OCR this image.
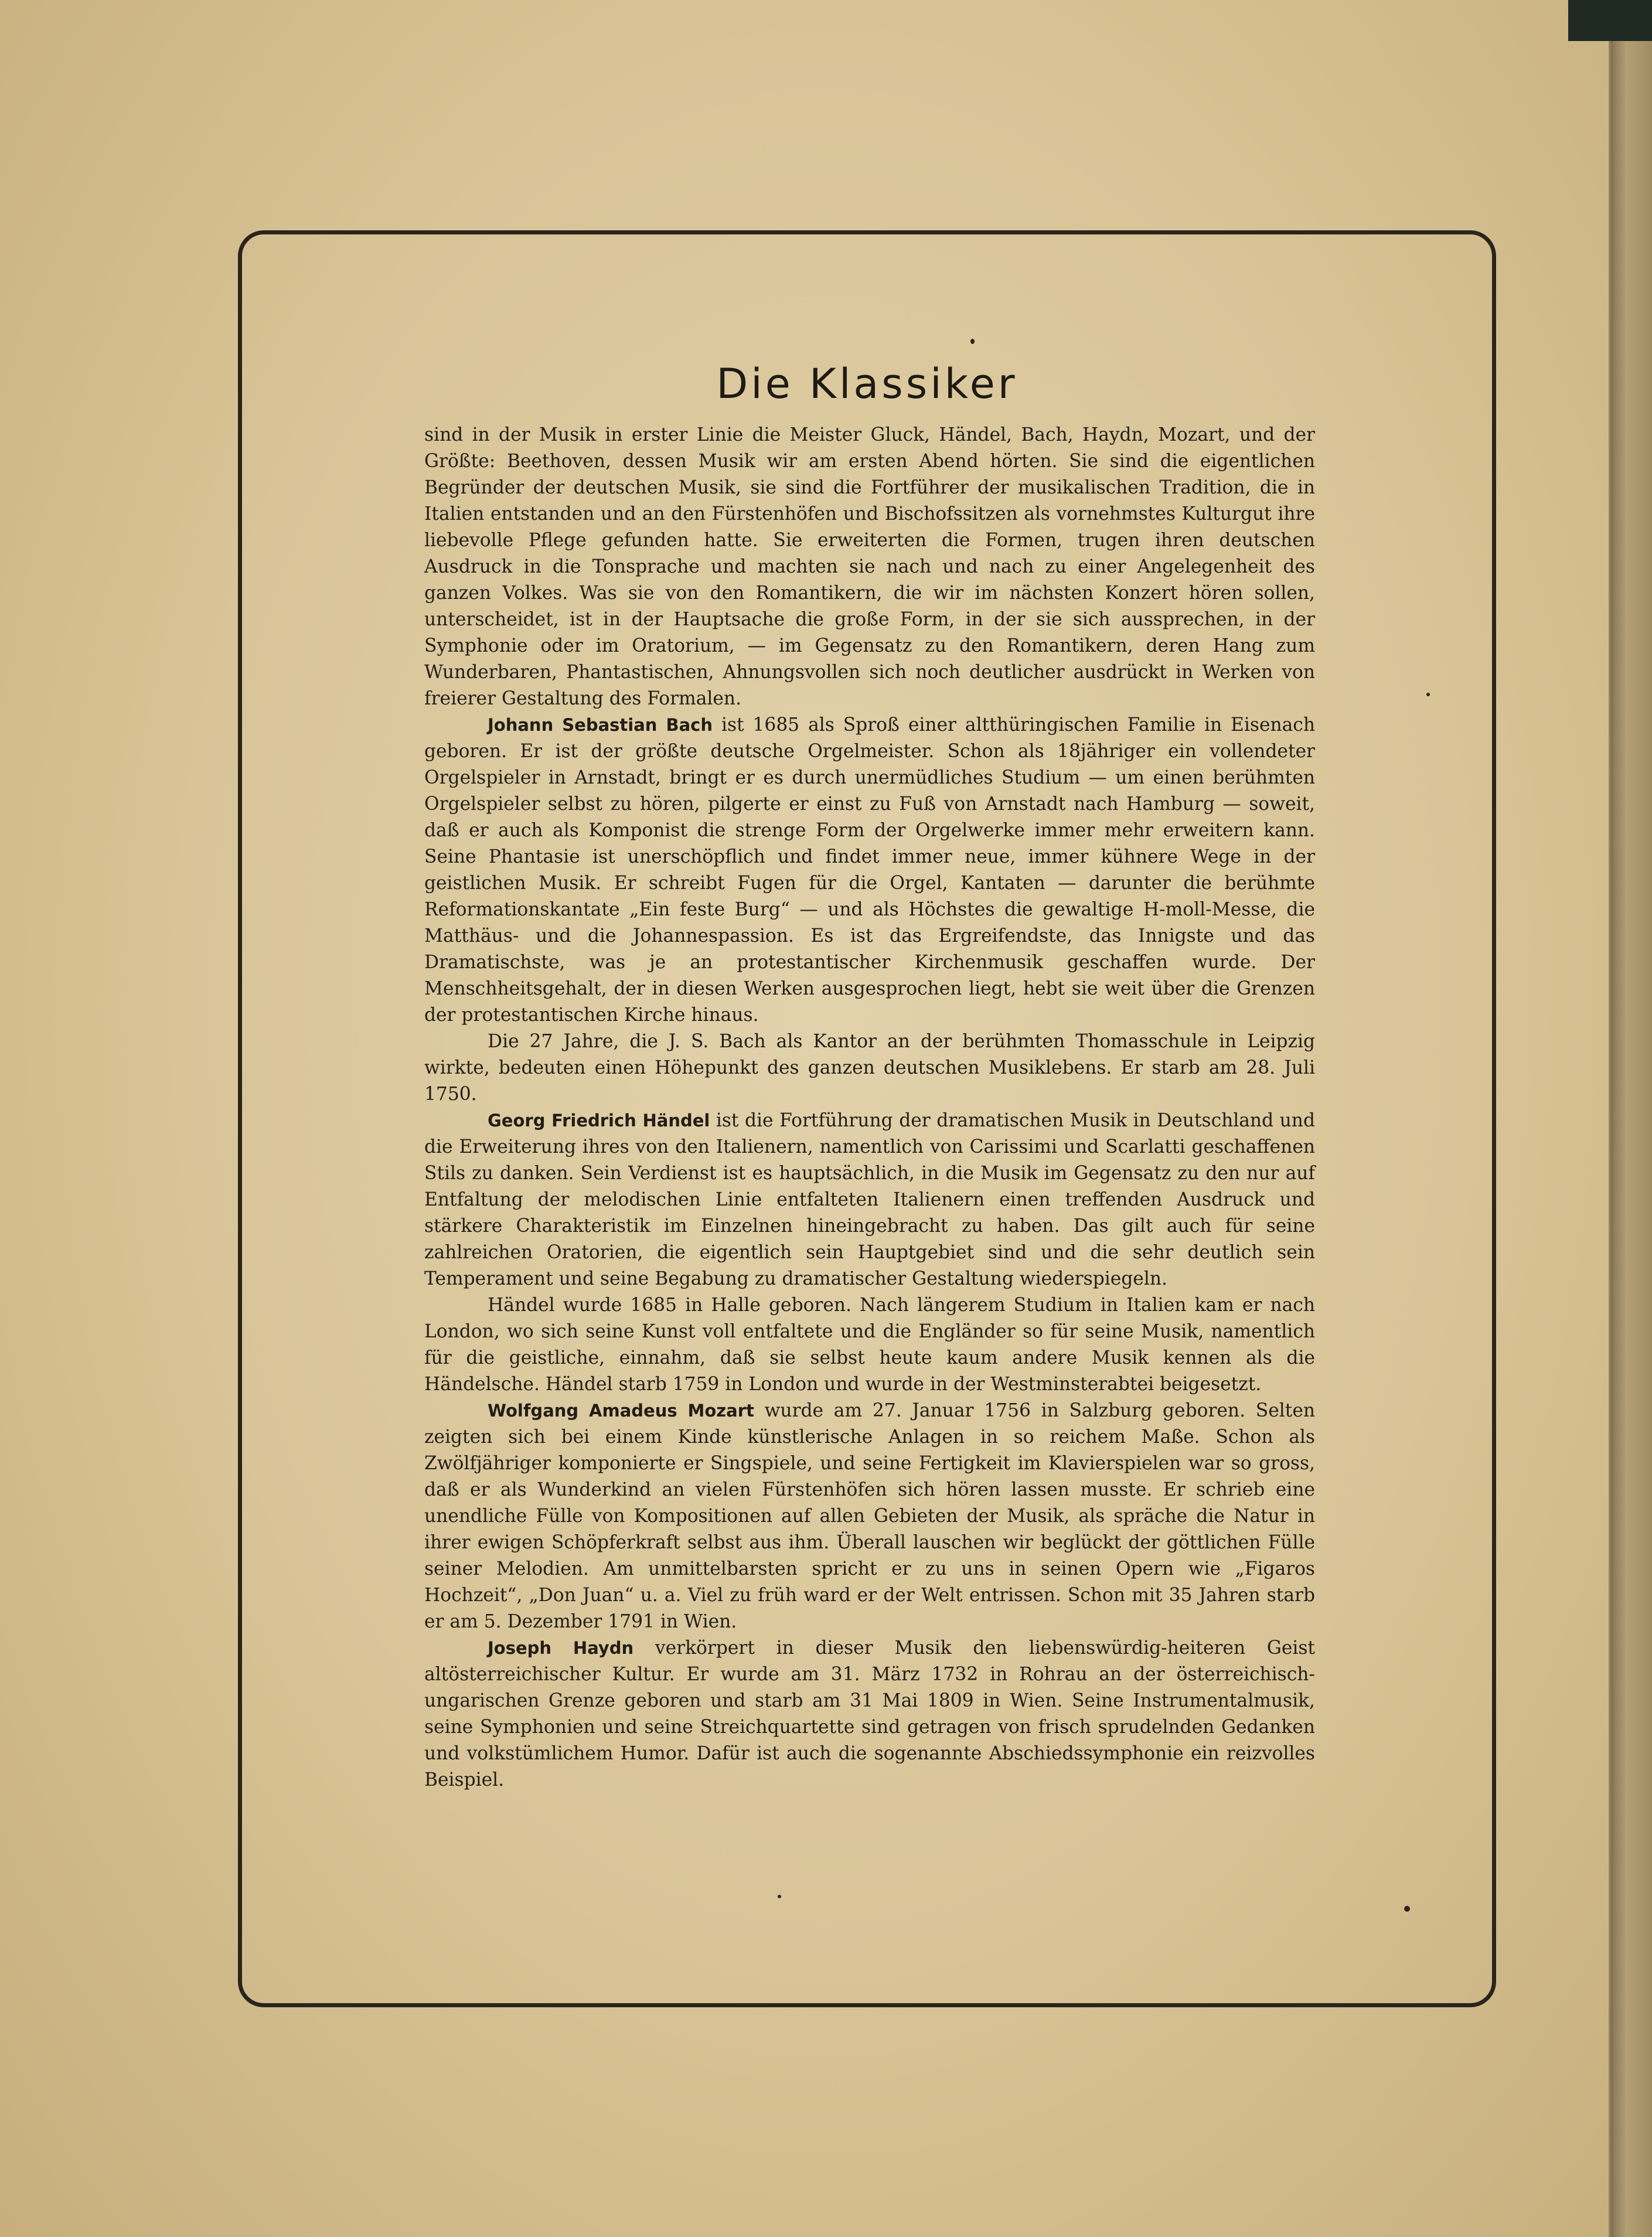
Die Klassiker

sind in der Musik in erster Linie die Meister Gluck, Händel, Bach, Haydn, Mozart, und der Größte: Beethoven, dessen Musik wir am ersten Abend hörten. Sie sind die eigentlichen Begründer der deutschen Musik, sie sind die Fortführer der musikalischen Tradition, die in Italien entstanden und an den Fürstenhöfen und Bischofssitzen als vornehmstes Kulturgut ihre liebevolle Pflege gefunden hatte. Sie erweiterten die Formen, trugen ihren deutschen Ausdruck in die Tonsprache und machten sie nach und nach zu einer Angelegenheit des ganzen Volkes. Was sie von den Romantikern, die wir im nächsten Konzert hören sollen, unterscheidet, ist in der Hauptsache die große Form, in der sie sich aussprechen, in der Symphonie oder im Oratorium, — im Gegensatz zu den Romantikern, deren Hang zum Wunderbaren, Phantastischen, Ahnungsvollen sich noch deutlicher ausdrückt in Werken von freierer Gestaltung des Formalen.

Johann Sebastian Bach ist 1685 als Sproß einer altthüringischen Familie in Eisenach geboren. Er ist der größte deutsche Orgelmeister. Schon als 18jähriger ein vollendeter Orgelspieler in Arnstadt, bringt er es durch unermüdliches Studium — um einen berühmten Orgelspieler selbst zu hören, pilgerte er einst zu Fuß von Arnstadt nach Hamburg — soweit, daß er auch als Komponist die strenge Form der Orgelwerke immer mehr erweitern kann. Seine Phantasie ist unerschöpflich und findet immer neue, immer kühnere Wege in der geistlichen Musik. Er schreibt Fugen für die Orgel, Kantaten — darunter die berühmte Reformationskantate „Ein feste Burg“ — und als Höchstes die gewaltige H-moll-Messe, die Matthäus- und die Johannespassion. Es ist das Ergreifendste, das Innigste und das Dramatischste, was je an protestantischer Kirchenmusik geschaffen wurde. Der Menschheitsgehalt, der in diesen Werken ausgesprochen liegt, hebt sie weit über die Grenzen der protestantischen Kirche hinaus.

Die 27 Jahre, die J. S. Bach als Kantor an der berühmten Thomasschule in Leipzig wirkte, bedeuten einen Höhepunkt des ganzen deutschen Musiklebens. Er starb am 28. Juli 1750.

Georg Friedrich Händel ist die Fortführung der dramatischen Musik in Deutschland und die Erweiterung ihres von den Italienern, namentlich von Carissimi und Scarlatti geschaffenen Stils zu danken. Sein Verdienst ist es hauptsächlich, in die Musik im Gegensatz zu den nur auf Entfaltung der melodischen Linie entfalteten Italienern einen treffenden Ausdruck und stärkere Charakteristik im Einzelnen hineingebracht zu haben. Das gilt auch für seine zahlreichen Oratorien, die eigentlich sein Hauptgebiet sind und die sehr deutlich sein Temperament und seine Begabung zu dramatischer Gestaltung wiederspiegeln.

Händel wurde 1685 in Halle geboren. Nach längerem Studium in Italien kam er nach London, wo sich seine Kunst voll entfaltete und die Engländer so für seine Musik, namentlich für die geistliche, einnahm, daß sie selbst heute kaum andere Musik kennen als die Händelsche. Händel starb 1759 in London und wurde in der Westminsterabtei beigesetzt.

Wolfgang Amadeus Mozart wurde am 27. Januar 1756 in Salzburg geboren. Selten zeigten sich bei einem Kinde künstlerische Anlagen in so reichem Maße. Schon als Zwölfjähriger komponierte er Singspiele, und seine Fertigkeit im Klavierspielen war so gross, daß er als Wunderkind an vielen Fürstenhöfen sich hören lassen musste. Er schrieb eine unendliche Fülle von Kompositionen auf allen Gebieten der Musik, als spräche die Natur in ihrer ewigen Schöpferkraft selbst aus ihm. Überall lauschen wir beglückt der göttlichen Fülle seiner Melodien. Am unmittelbarsten spricht er zu uns in seinen Opern wie „Figaros Hochzeit“, „Don Juan“ u. a. Viel zu früh ward er der Welt entrissen. Schon mit 35 Jahren starb er am 5. Dezember 1791 in Wien.

Joseph Haydn verkörpert in dieser Musik den liebenswürdig-heiteren Geist altösterreichischer Kultur. Er wurde am 31. März 1732 in Rohrau an der österreichisch-ungarischen Grenze geboren und starb am 31 Mai 1809 in Wien. Seine Instrumentalmusik, seine Symphonien und seine Streichquartette sind getragen von frisch sprudelnden Gedanken und volkstümlichem Humor. Dafür ist auch die sogenannte Abschiedssymphonie ein reizvolles Beispiel.
